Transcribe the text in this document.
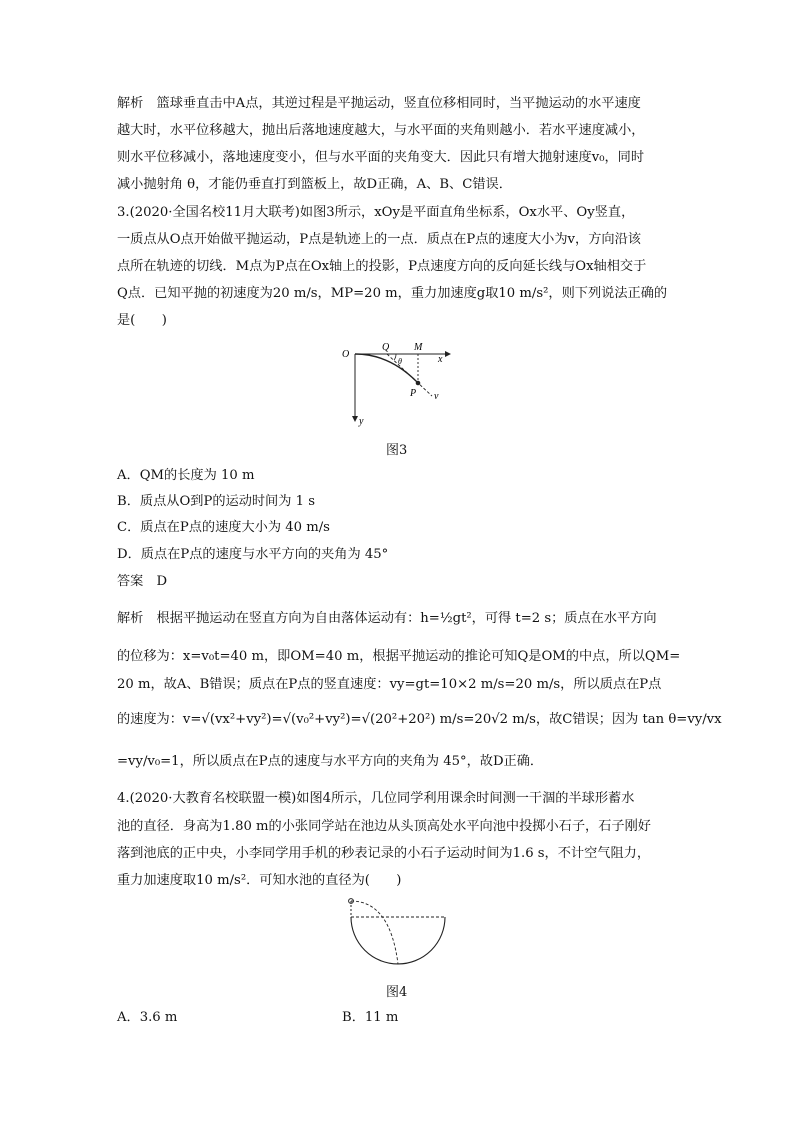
解析　篮球垂直击中A点，其逆过程是平抛运动，竖直位移相同时，当平抛运动的水平速度
越大时，水平位移越大，抛出后落地速度越大，与水平面的夹角则越小．若水平速度减小，
则水平位移减小，落地速度变小，但与水平面的夹角变大．因此只有增大抛射速度v₀，同时
减小抛射角 θ，才能仍垂直打到篮板上，故D正确，A、B、C错误．
3.(2020·全国名校11月大联考)如图3所示，xOy是平面直角坐标系，Ox水平、Oy竖直，
一质点从O点开始做平抛运动，P点是轨迹上的一点．质点在P点的速度大小为v，方向沿该
点所在轨迹的切线．M点为P点在Ox轴上的投影，P点速度方向的反向延长线与Ox轴相交于
Q点．已知平抛的初速度为20 m/s，MP=20 m，重力加速度g取10 m/s²，则下列说法正确的
是(　　)
O
Q M
x
θ
P v
y
图3
A．QM的长度为 10 m
B．质点从O到P的运动时间为 1 s
C．质点在P点的速度大小为 40 m/s
D．质点在P点的速度与水平方向的夹角为 45°
答案　D
解析　根据平抛运动在竖直方向为自由落体运动有：h=½gt²，可得 t=2 s；质点在水平方向
的位移为：x=v₀t=40 m，即OM=40 m，根据平抛运动的推论可知Q是OM的中点，所以QM=
20 m，故A、B错误；质点在P点的竖直速度：vy=gt=10×2 m/s=20 m/s，所以质点在P点
的速度为：v=√(vx²+vy²)=√(v₀²+vy²)=√(20²+20²) m/s=20√2 m/s，故C错误；因为 tan θ=vy/vx
=vy/v₀=1，所以质点在P点的速度与水平方向的夹角为 45°，故D正确．
4.(2020·大教育名校联盟一模)如图4所示，几位同学利用课余时间测一干涸的半球形蓄水
池的直径．身高为1.80 m的小张同学站在池边从头顶高处水平向池中投掷小石子，石子刚好
落到池底的正中央，小李同学用手机的秒表记录的小石子运动时间为1.6 s，不计空气阻力，
重力加速度取10 m/s²．可知水池的直径为(　　)
图4
A．3.6 m	B．11 m
